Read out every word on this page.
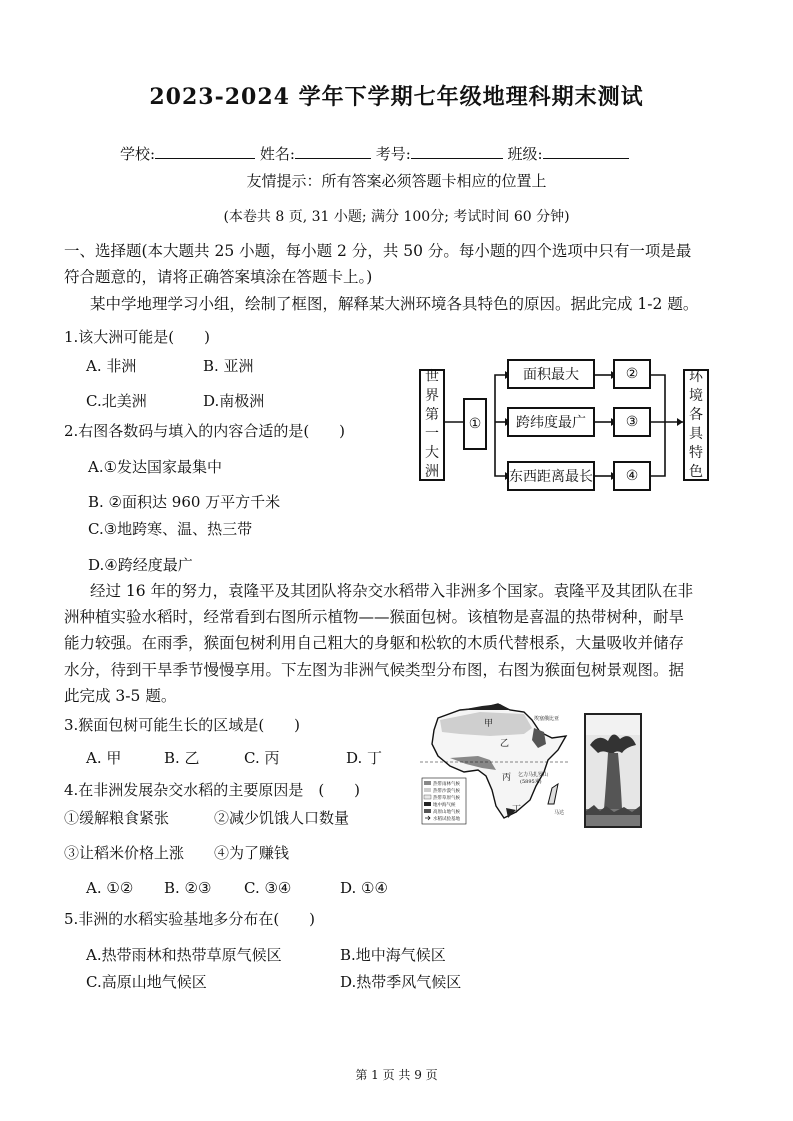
2023-2024 学年下学期七年级地理科期末测试
学校:	姓名:	考号:	班级:
友情提示：所有答案必须答题卡相应的位置上
(本卷共 8 页, 31 小题; 满分 100分; 考试时间 60 分钟)
一、选择题(本大题共 25 小题，每小题 2 分，共 50 分。每小题的四个选项中只有一项是最
符合题意的，请将正确答案填涂在答题卡上。)
某中学地理学习小组，绘制了框图，解释某大洲环境各具特色的原因。据此完成 1-2 题。
1.该大洲可能是(　　)
A. 非洲	B. 亚洲
C.北美洲	D.南极洲
2.右图各数码与填入的内容合适的是(　　)
A.①发达国家最集中
B. ②面积达 960 万平方千米
C.③地跨寒、温、热三带
D.④跨经度最广
世
界
第
一
大
洲
①
面积最大
跨纬度最广
东西距离最长
②
③
④
环
境
各
具
特
色
经过 16 年的努力，袁隆平及其团队将杂交水稻带入非洲多个国家。袁隆平及其团队在非
洲种植实验水稻时，经常看到右图所示植物——猴面包树。该植物是喜温的热带树种，耐旱
能力较强。在雨季，猴面包树利用自己粗大的身躯和松软的木质代替根系，大量吸收并储存
水分，待到干旱季节慢慢享用。下左图为非洲气候类型分布图，右图为猴面包树景观图。据
此完成 3-5 题。
3.猴面包树可能生长的区域是(　　)
A. 甲	B. 乙	C. 丙	D. 丁
4.在非洲发展杂交水稻的主要原因是　(　　)
①缓解粮食紧张	②减少饥饿人口数量
③让稻米价格上涨 ④为了赚钱
A. ①② B. ②③ C. ③④	D. ①④
5.非洲的水稻实验基地多分布在(　　)
A.热带雨林和热带草原气候区	B.地中海气候区
C.高原山地气候区	D.热带季风气候区
甲
乙
丙
丁
埃塞俄比亚
乞力马扎罗山
(5895米)
马达
热带雨林气候
热带沙漠气候
热带草原气候
地中海气候
高原山地气候
水稻试验基地
第 1 页 共 9 页
